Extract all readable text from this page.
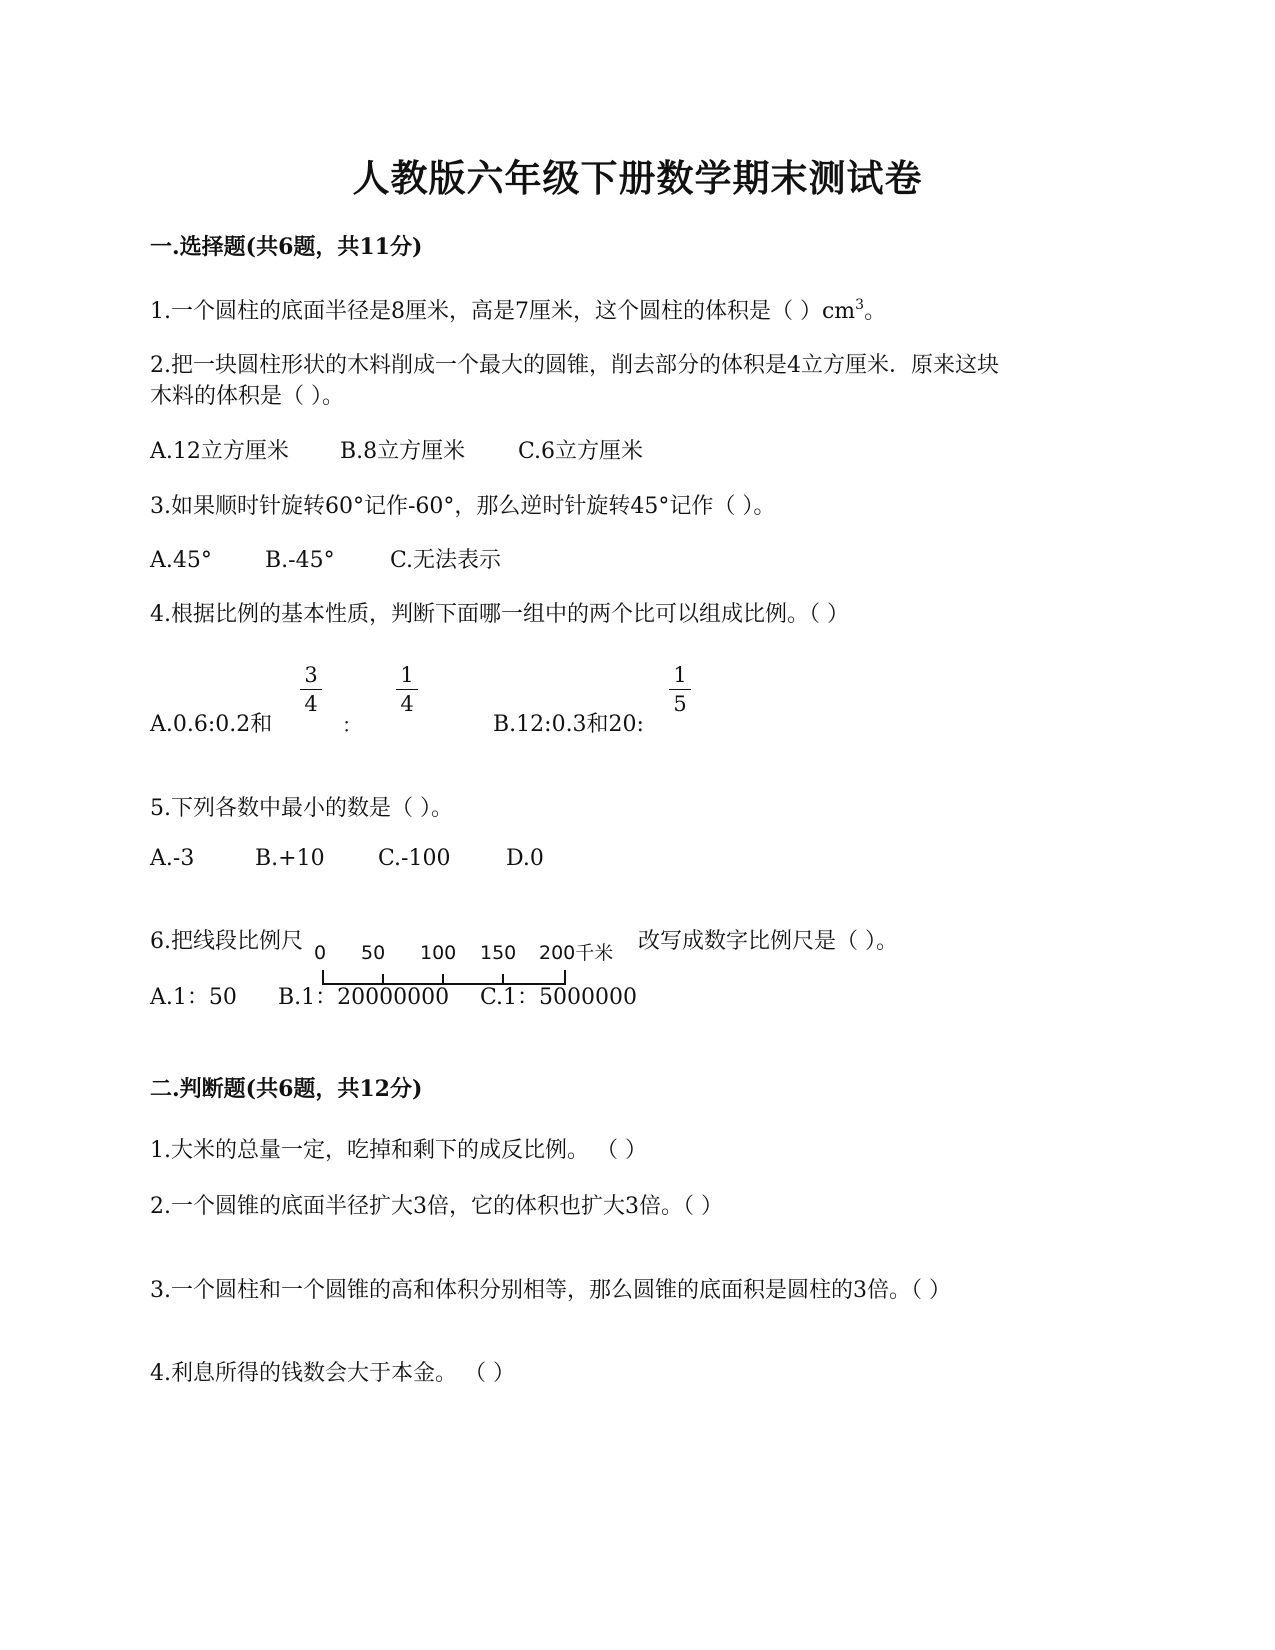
人教版六年级下册数学期末测试卷
一.选择题(共6题，共11分)
1.一个圆柱的底面半径是8厘米，高是7厘米，这个圆柱的体积是（ ）$cm^3$。
2.把一块圆柱形状的木料削成一个最大的圆锥，削去部分的体积是4立方厘米．原来这块
木料的体积是（ ）。
A.12立方厘米 B.8立方厘米 C.6立方厘米
3.如果顺时针旋转60°记作-60°，那么逆时针旋转45°记作（ ）。
A.45° B.-45°	C.无法表示
4.根据比例的基本性质，判断下面哪一组中的两个比可以组成比例。（ ）
3
4
1
4
1
5
A.0.6:0.2和	：	B.12:0.3和20:
5.下列各数中最小的数是（ ）。
A.-3	B.+10 C.-100	D.0
6.把线段比例尺 0 50 100 150 200千米 改写成数字比例尺是（ ）。
A.1：50 B.1：20000000 C.1：5000000
二.判断题(共6题，共12分)
1.大米的总量一定，吃掉和剩下的成反比例。 （ ）
2.一个圆锥的底面半径扩大3倍，它的体积也扩大3倍。（ ）
3.一个圆柱和一个圆锥的高和体积分别相等，那么圆锥的底面积是圆柱的3倍。（ ）
4.利息所得的钱数会大于本金。 （ ）
